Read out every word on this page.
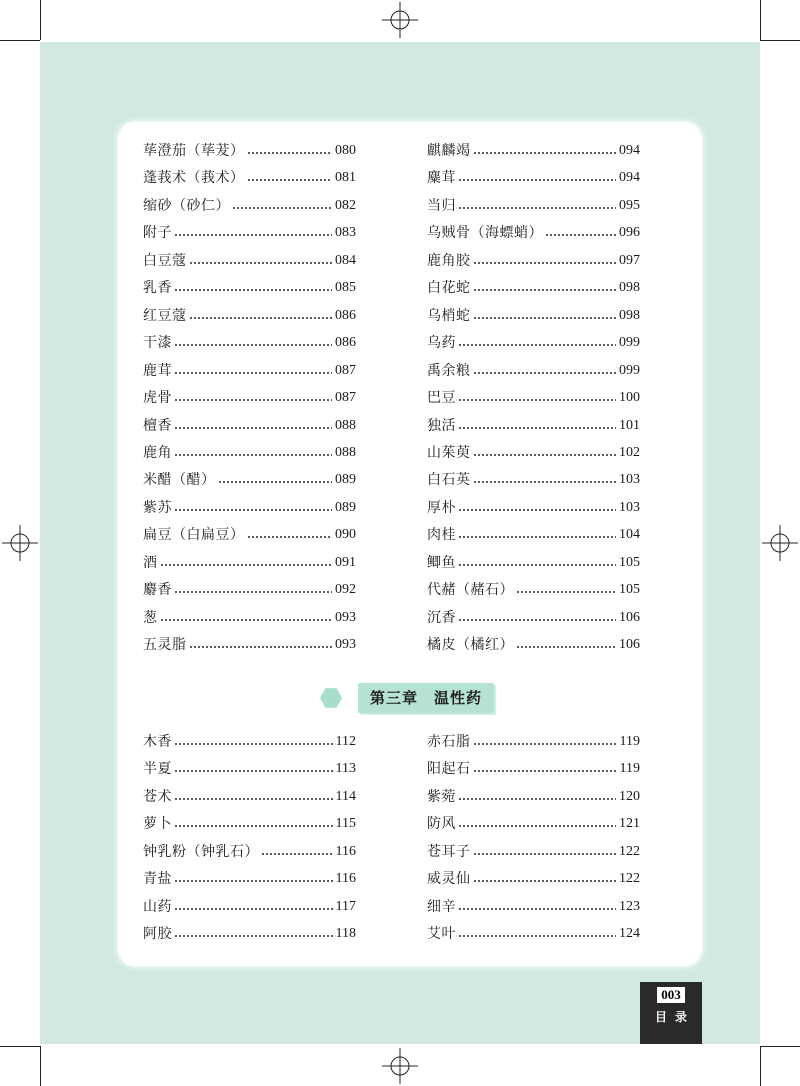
荜澄茄（荜茇）	080
蓬莪术（莪术）	081
缩砂（砂仁）	082
附子	083
白豆蔻	084
乳香	085
红豆蔻	086
干漆	086
鹿茸	087
虎骨	087
檀香	088
鹿角	088
米醋（醋）	089
紫苏	089
扁豆（白扁豆）	090
酒	091
麝香	092
葱	093
五灵脂	093
麒麟竭	094
麋茸	094
当归	095
乌贼骨（海螵蛸）	096
鹿角胶	097
白花蛇	098
乌梢蛇	098
乌药	099
禹余粮	099
巴豆	100
独活	101
山茱萸	102
白石英	103
厚朴	103
肉桂	104
鲫鱼	105
代赭（赭石）	105
沉香	106
橘皮（橘红）	106
第三章　温性药
木香	112
半夏	113
苍术	114
萝卜	115
钟乳粉（钟乳石）	116
青盐	116
山药	117
阿胶	118
赤石脂	119
阳起石	119
紫菀	120
防风	121
苍耳子	122
威灵仙	122
细辛	123
艾叶	124
003
目录
